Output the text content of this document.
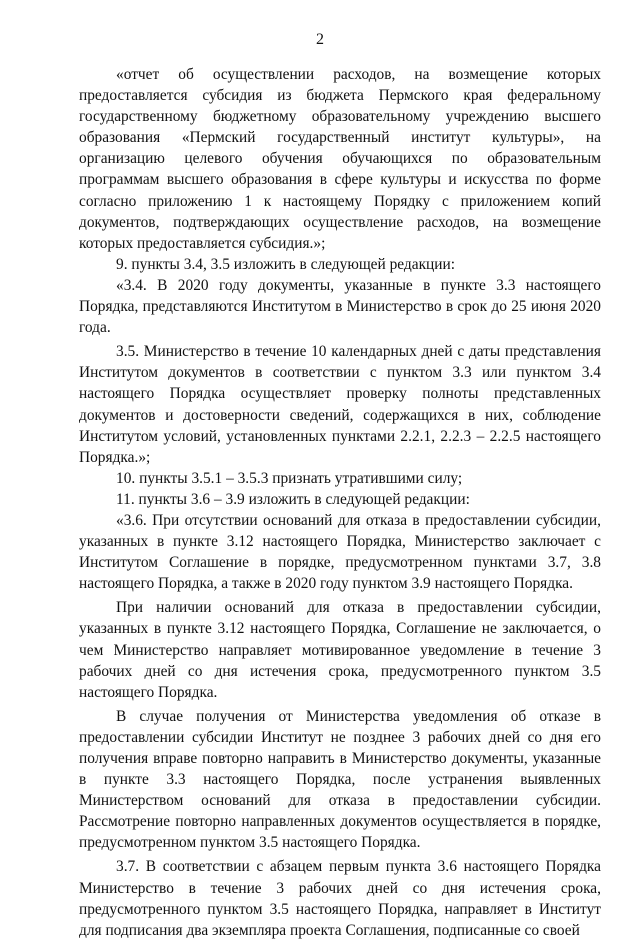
2

«отчет об осуществлении расходов, на возмещение которых предоставляется субсидия из бюджета Пермского края федеральному государственному бюджетному образовательному учреждению высшего образования «Пермский государственный институт культуры», на организацию целевого обучения обучающихся по образовательным программам высшего образования в сфере культуры и искусства по форме согласно приложению 1 к настоящему Порядку с приложением копий документов, подтверждающих осуществление расходов, на возмещение которых предоставляется субсидия.»;

9. пункты 3.4, 3.5 изложить в следующей редакции:

«3.4. В 2020 году документы, указанные в пункте 3.3 настоящего Порядка, представляются Институтом в Министерство в срок до 25 июня 2020 года.

3.5. Министерство в течение 10 календарных дней с даты представления Институтом документов в соответствии с пунктом 3.3 или пунктом 3.4 настоящего Порядка осуществляет проверку полноты представленных документов и достоверности сведений, содержащихся в них, соблюдение Институтом условий, установленных пунктами 2.2.1, 2.2.3 – 2.2.5 настоящего Порядка.»;

10. пункты 3.5.1 – 3.5.3 признать утратившими силу;

11. пункты 3.6 – 3.9 изложить в следующей редакции:

«3.6. При отсутствии оснований для отказа в предоставлении субсидии, указанных в пункте 3.12 настоящего Порядка, Министерство заключает с Институтом Соглашение в порядке, предусмотренном пунктами 3.7, 3.8 настоящего Порядка, а также в 2020 году пунктом 3.9 настоящего Порядка.

При наличии оснований для отказа в предоставлении субсидии, указанных в пункте 3.12 настоящего Порядка, Соглашение не заключается, о чем Министерство направляет мотивированное уведомление в течение 3 рабочих дней со дня истечения срока, предусмотренного пунктом 3.5 настоящего Порядка.

В случае получения от Министерства уведомления об отказе в предоставлении субсидии Институт не позднее 3 рабочих дней со дня его получения вправе повторно направить в Министерство документы, указанные в пункте 3.3 настоящего Порядка, после устранения выявленных Министерством оснований для отказа в предоставлении субсидии. Рассмотрение повторно направленных документов осуществляется в порядке, предусмотренном пунктом 3.5 настоящего Порядка.

3.7. В соответствии с абзацем первым пункта 3.6 настоящего Порядка Министерство в течение 3 рабочих дней со дня истечения срока, предусмотренного пунктом 3.5 настоящего Порядка, направляет в Институт для подписания два экземпляра проекта Соглашения, подписанные со своей
